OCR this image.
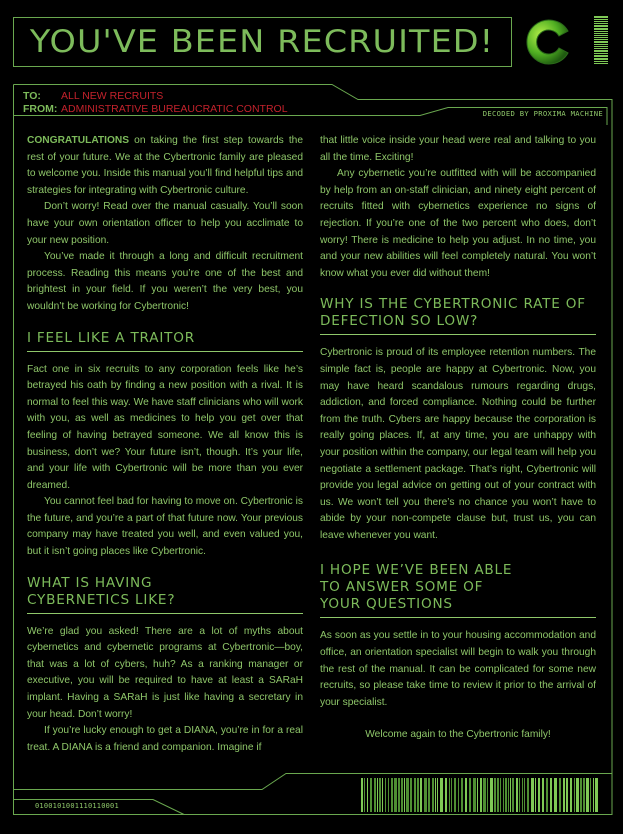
YOU'VE BEEN RECRUITED!
TO: ALL NEW RECRUITS
FROM: ADMINISTRATIVE BUREAUCRATIC CONTROL	DECODED BY PROXIMA MACHINE

CONGRATULATIONS on taking the first step towards the rest of your future. We at the Cybertronic family are pleased to welcome you. Inside this manual you’ll find helpful tips and strategies for integrating with Cybertronic culture.

Don’t worry! Read over the manual casually. You’ll soon have your own orientation officer to help you acclimate to your new position.

You’ve made it through a long and difficult recruitment process. Reading this means you’re one of the best and brightest in your field. If you weren’t the very best, you wouldn’t be working for Cybertronic!

I FEEL LIKE A TRAITOR

Fact one in six recruits to any corporation feels like he’s betrayed his oath by finding a new position with a rival. It is normal to feel this way. We have staff clinicians who will work with you, as well as medicines to help you get over that feeling of having betrayed someone. We all know this is business, don’t we? Your future isn’t, though. It’s your life, and your life with Cybertronic will be more than you ever dreamed.

You cannot feel bad for having to move on. Cybertronic is the future, and you’re a part of that future now. Your previous company may have treated you well, and even valued you, but it isn’t going places like Cybertronic.

WHAT IS HAVING CYBERNETICS LIKE?

We’re glad you asked! There are a lot of myths about cybernetics and cybernetic programs at Cybertronic—boy, that was a lot of cybers, huh? As a ranking manager or executive, you will be required to have at least a SARaH implant. Having a SARaH is just like having a secretary in your head. Don’t worry!

If you’re lucky enough to get a DIANA, you’re in for a real treat. A DIANA is a friend and companion. Imagine if

that little voice inside your head were real and talking to you all the time. Exciting!

Any cybernetic you’re outfitted with will be accompanied by help from an on-staff clinician, and ninety eight percent of recruits fitted with cybernetics experience no signs of rejection. If you’re one of the two percent who does, don’t worry! There is medicine to help you adjust. In no time, you and your new abilities will feel completely natural. You won’t know what you ever did without them!

WHY IS THE CYBERTRONIC RATE OF DEFECTION SO LOW?

Cybertronic is proud of its employee retention numbers. The simple fact is, people are happy at Cybertronic. Now, you may have heard scandalous rumours regarding drugs, addiction, and forced compliance. Nothing could be further from the truth. Cybers are happy because the corporation is really going places. If, at any time, you are unhappy with your position within the company, our legal team will help you negotiate a settlement package. That’s right, Cybertronic will provide you legal advice on getting out of your contract with us. We won’t tell you there’s no chance you won’t have to abide by your non-compete clause but, trust us, you can leave whenever you want.

I HOPE WE’VE BEEN ABLE TO ANSWER SOME OF YOUR QUESTIONS

As soon as you settle in to your housing accommodation and office, an orientation specialist will begin to walk you through the rest of the manual. It can be complicated for some new recruits, so please take time to review it prior to the arrival of your specialist.

Welcome again to the Cybertronic family!

0100101001110110001
